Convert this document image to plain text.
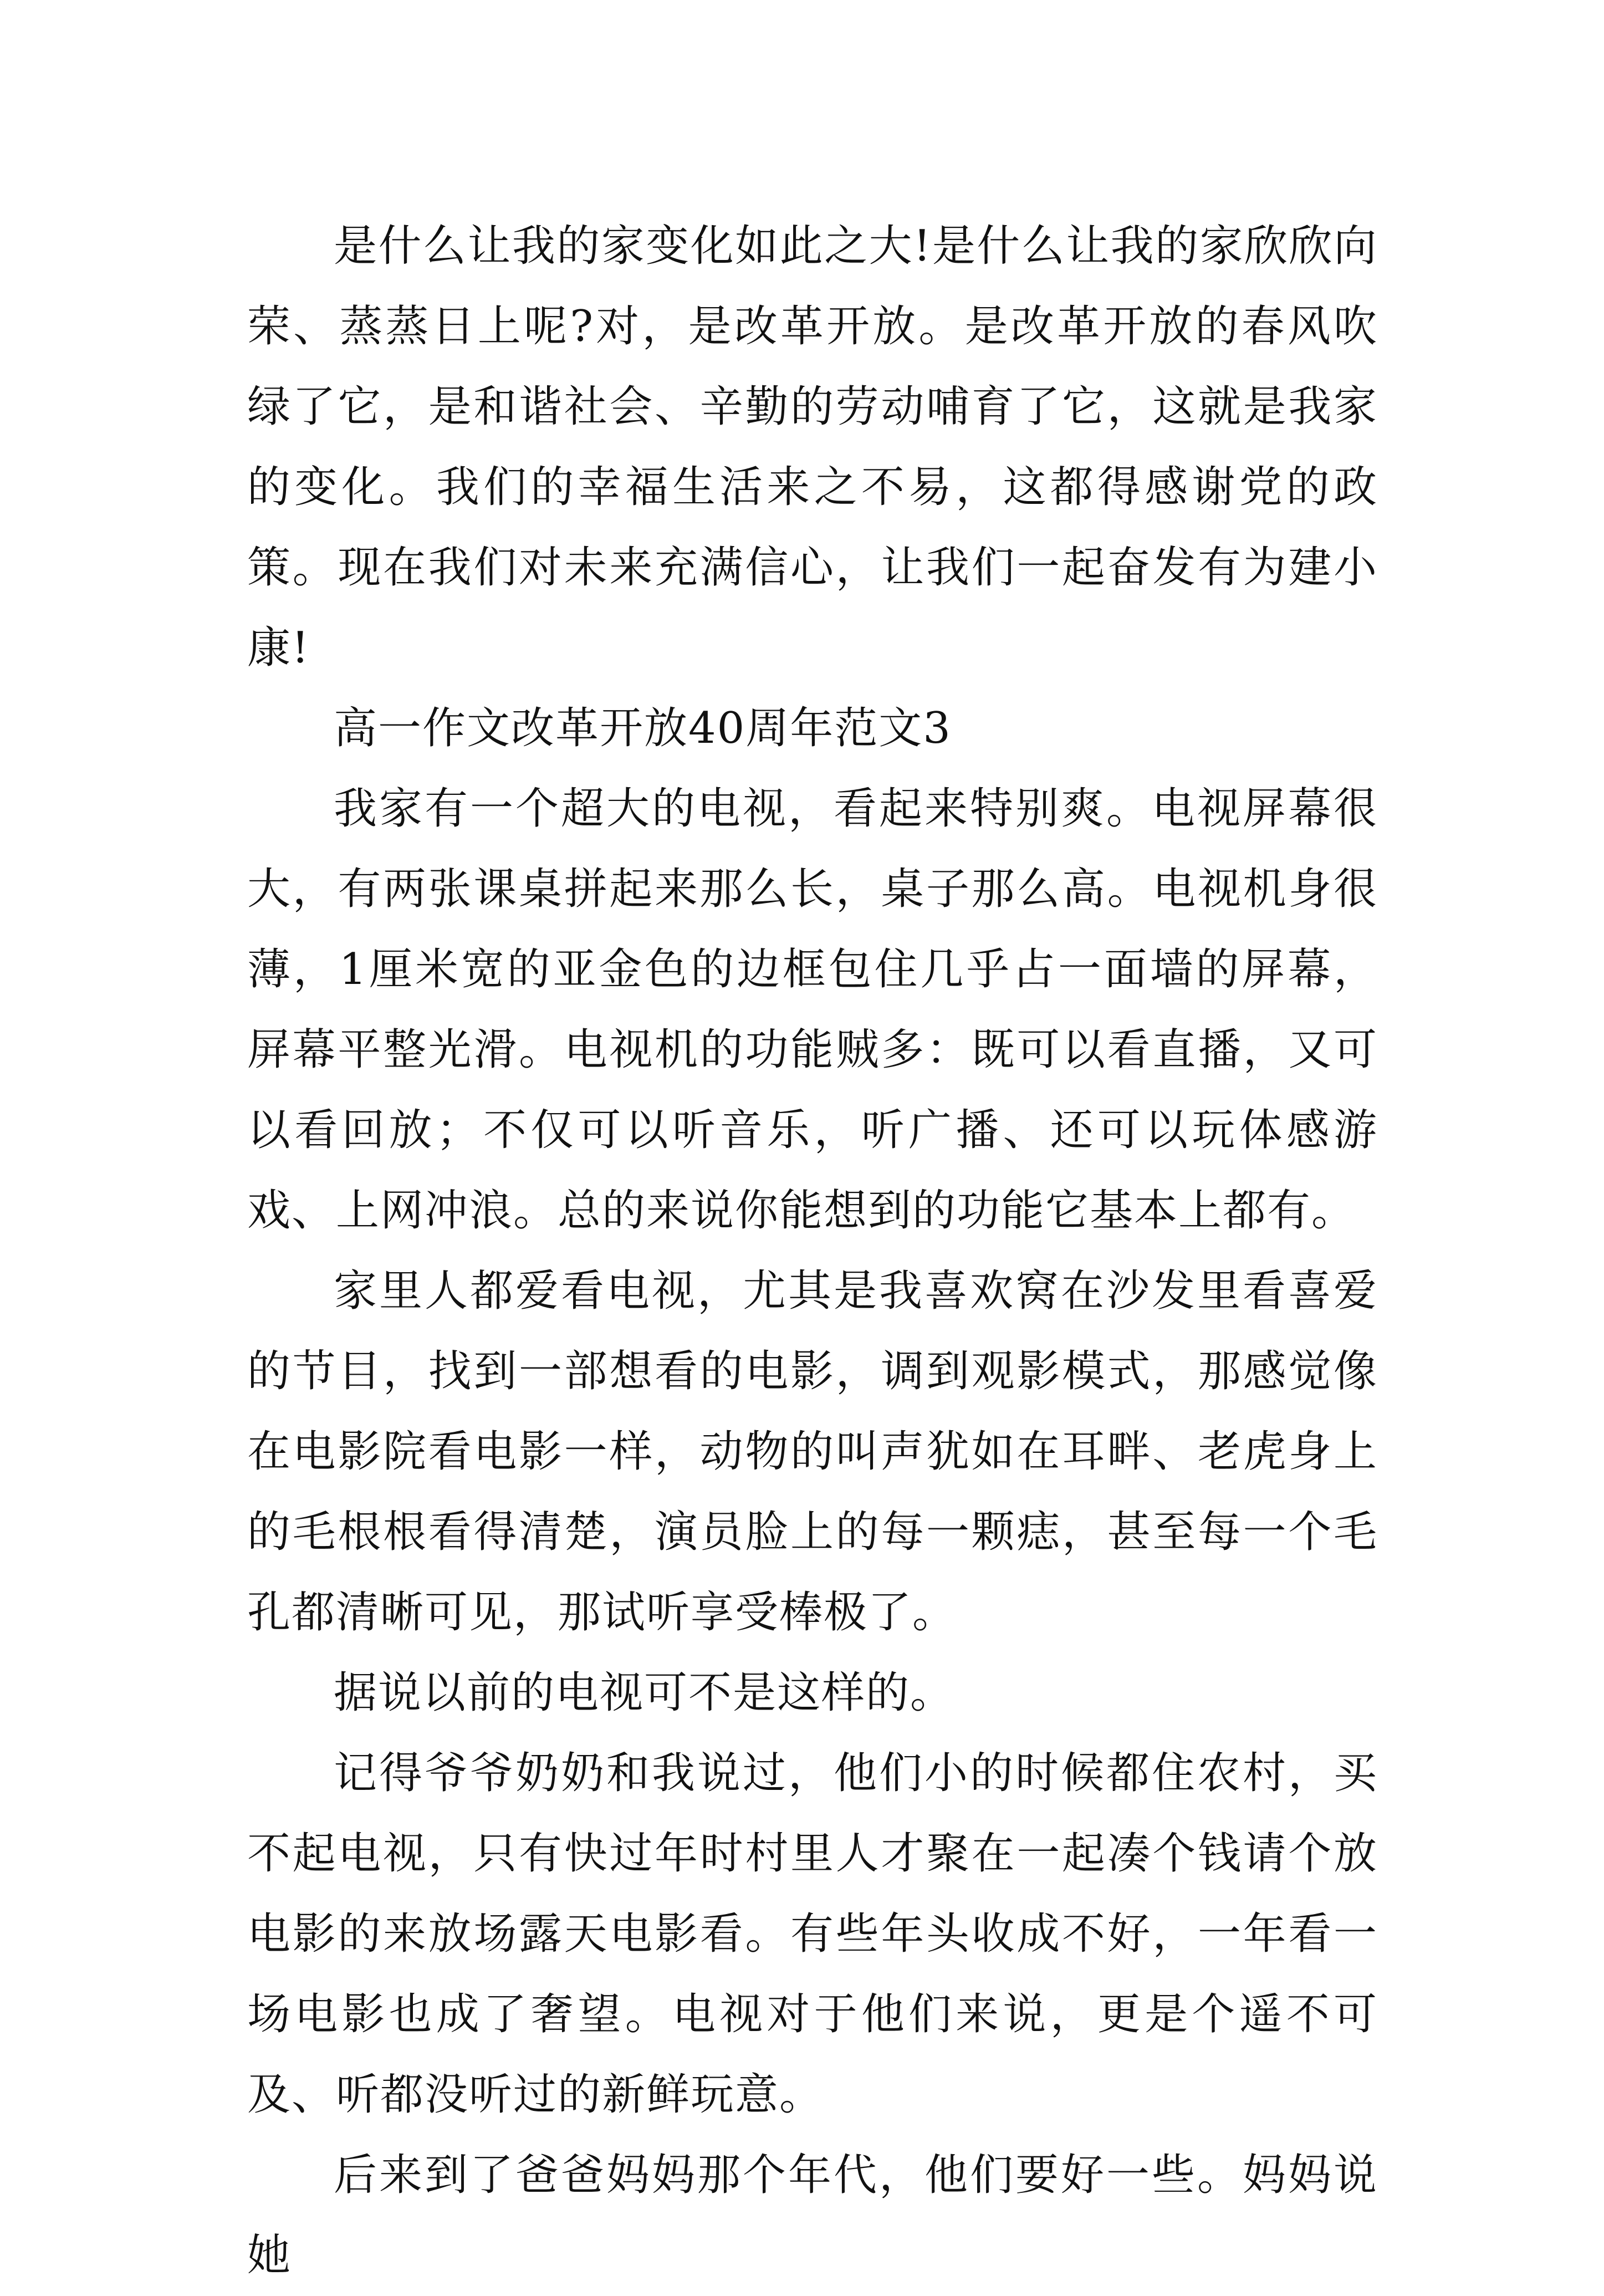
是什么让我的家变化如此之大!是什么让我的家欣欣向荣、蒸蒸日上呢?对，是改革开放。是改革开放的春风吹绿了它，是和谐社会、辛勤的劳动哺育了它，这就是我家的变化。我们的幸福生活来之不易，这都得感谢党的政策。现在我们对未来充满信心，让我们一起奋发有为建小康!

高一作文改革开放40周年范文3

我家有一个超大的电视，看起来特别爽。电视屏幕很大，有两张课桌拼起来那么长，桌子那么高。电视机身很薄，1厘米宽的亚金色的边框包住几乎占一面墙的屏幕，屏幕平整光滑。电视机的功能贼多：既可以看直播，又可以看回放；不仅可以听音乐，听广播、还可以玩体感游戏、上网冲浪。总的来说你能想到的功能它基本上都有。

家里人都爱看电视，尤其是我喜欢窝在沙发里看喜爱的节目，找到一部想看的电影，调到观影模式，那感觉像在电影院看电影一样，动物的叫声犹如在耳畔、老虎身上的毛根根看得清楚，演员脸上的每一颗痣，甚至每一个毛孔都清晰可见，那试听享受棒极了。

据说以前的电视可不是这样的。

记得爷爷奶奶和我说过，他们小的时候都住农村，买不起电视，只有快过年时村里人才聚在一起凑个钱请个放电影的来放场露天电影看。有些年头收成不好，一年看一场电影也成了奢望。电视对于他们来说，更是个遥不可及、听都没听过的新鲜玩意。

后来到了爸爸妈妈那个年代，他们要好一些。妈妈说她
